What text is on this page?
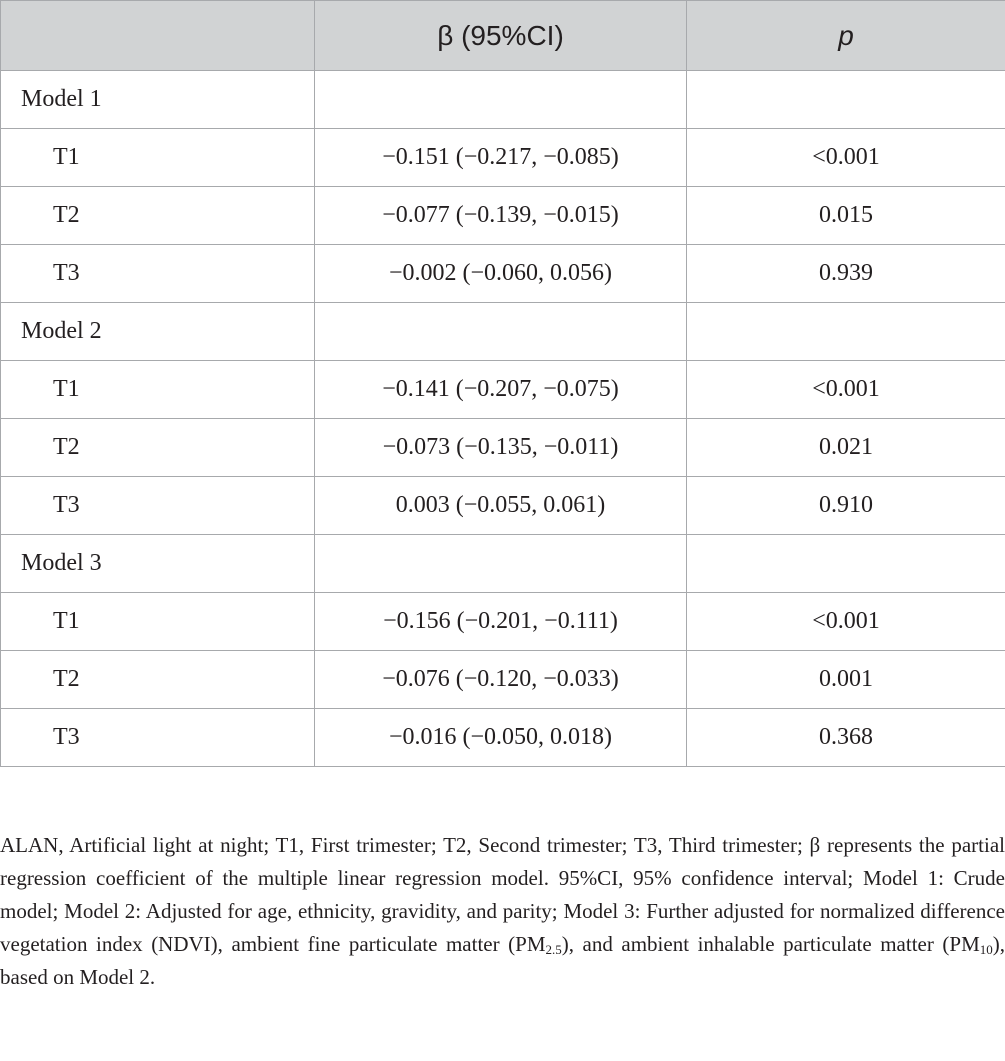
	β (95%CI)	p
Model 1		
T1	−0.151 (−0.217, −0.085)	<0.001
T2	−0.077 (−0.139, −0.015)	0.015
T3	−0.002 (−0.060, 0.056)	0.939
Model 2		
T1	−0.141 (−0.207, −0.075)	<0.001
T2	−0.073 (−0.135, −0.011)	0.021
T3	0.003 (−0.055, 0.061)	0.910
Model 3		
T1	−0.156 (−0.201, −0.111)	<0.001
T2	−0.076 (−0.120, −0.033)	0.001
T3	−0.016 (−0.050, 0.018)	0.368

ALAN, Artificial light at night; T1, First trimester; T2, Second trimester; T3, Third trimester; β represents the partial regression coefficient of the multiple linear regression model. 95%CI, 95% confidence interval; Model 1: Crude model; Model 2: Adjusted for age, ethnicity, gravidity, and parity; Model 3: Further adjusted for normalized difference vegetation index (NDVI), ambient fine particulate matter $(PM_{2.5})$, and ambient inhalable particulate matter $(PM_{10})$, based on Model 2.
